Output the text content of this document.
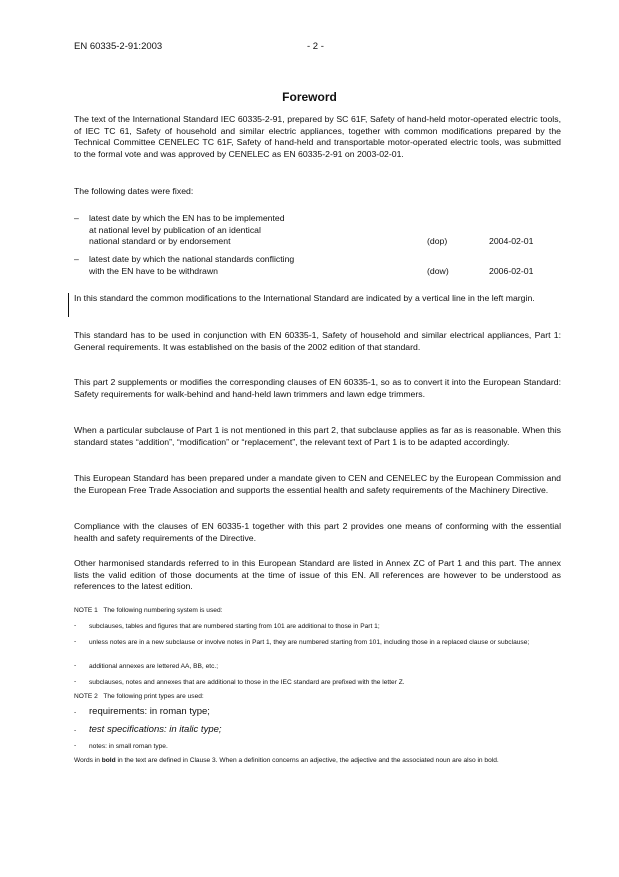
EN 60335-2-91:2003	- 2 -
Foreword

The text of the International Standard IEC 60335-2-91, prepared by SC 61F, Safety of hand-held motor-operated electric tools, of IEC TC 61, Safety of household and similar electric appliances, together with common modifications prepared by the Technical Committee CENELEC TC 61F, Safety of hand-held and transportable motor-operated electric tools, was submitted to the formal vote and was approved by CENELEC as EN 60335-2-91 on 2003-02-01.

The following dates were fixed:

– latest date by which the EN has to be implemented
at national level by publication of an identical
national standard or by endorsement	(dop)	2004-02-01
– latest date by which the national standards conflicting
with the EN have to be withdrawn	(dow)	2006-02-01

In this standard the common modifications to the International Standard are indicated by a vertical line in the left margin.

This standard has to be used in conjunction with EN 60335-1, Safety of household and similar electrical appliances, Part 1: General requirements. It was established on the basis of the 2002 edition of that standard.

This part 2 supplements or modifies the corresponding clauses of EN 60335-1, so as to convert it into the European Standard: Safety requirements for walk-behind and hand-held lawn trimmers and lawn edge trimmers.

When a particular subclause of Part 1 is not mentioned in this part 2, that subclause applies as far as is reasonable. When this standard states “addition”, “modification” or “replacement”, the relevant text of Part 1 is to be adapted accordingly.

This European Standard has been prepared under a mandate given to CEN and CENELEC by the European Commission and the European Free Trade Association and supports the essential health and safety requirements of the Machinery Directive.

Compliance with the clauses of EN 60335-1 together with this part 2 provides one means of conforming with the essential health and safety requirements of the Directive.

Other harmonised standards referred to in this European Standard are listed in Annex ZC of Part 1 and this part. The annex lists the valid edition of those documents at the time of issue of this EN. All references are however to be understood as references to the latest edition.

NOTE 1 The following numbering system is used:
- subclauses, tables and figures that are numbered starting from 101 are additional to those in Part 1;
- unless notes are in a new subclause or involve notes in Part 1, they are numbered starting from 101, including those in a replaced clause or subclause;
- additional annexes are lettered AA, BB, etc.;
- subclauses, notes and annexes that are additional to those in the IEC standard are prefixed with the letter Z.
NOTE 2 The following print types are used:
- requirements: in roman type;
- test specifications: in italic type;
- notes: in small roman type.
Words in bold in the text are defined in Clause 3. When a definition concerns an adjective, the adjective and the associated noun are also in bold.
